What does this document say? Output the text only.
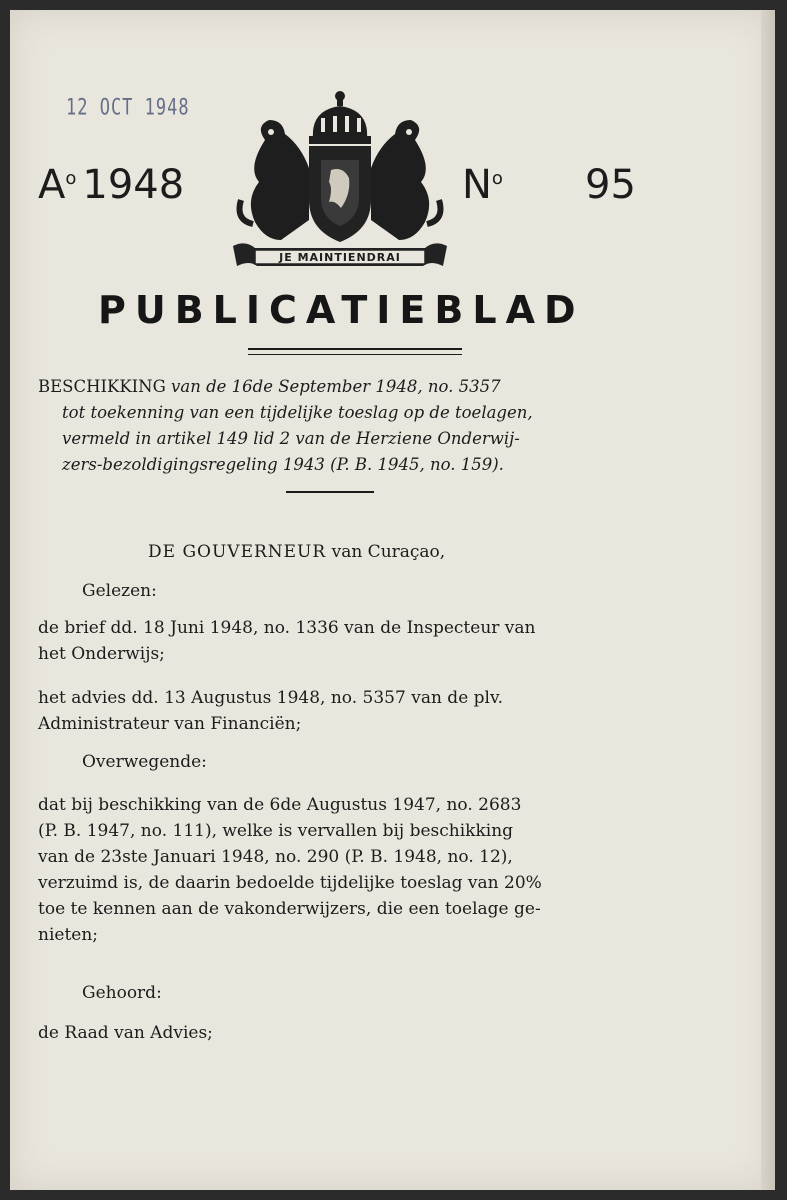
12 OCT 1948
$A^o$ 1948
JE MAINTIENDRAI
$N^o$ 95
PUBLICATIEBLAD
BESCHIKKING van de 16de September 1948, no. 5357
tot toekenning van een tijdelijke toeslag op de toelagen,
vermeld in artikel 149 lid 2 van de Herziene Onderwij-
zers-bezoldigingsregeling 1943 (P. B. 1945, no. 159).
DE GOUVERNEUR van Curaçao,
Gelezen:
de brief dd. 18 Juni 1948, no. 1336 van de Inspecteur van
het Onderwijs;
het advies dd. 13 Augustus 1948, no. 5357 van de plv.
Administrateur van Financiën;
Overwegende:
dat bij beschikking van de 6de Augustus 1947, no. 2683
(P. B. 1947, no. 111), welke is vervallen bij beschikking
van de 23ste Januari 1948, no. 290 (P. B. 1948, no. 12),
verzuimd is, de daarin bedoelde tijdelijke toeslag van 20%
toe te kennen aan de vakonderwijzers, die een toelage ge-
nieten;
Gehoord:
de Raad van Advies;
